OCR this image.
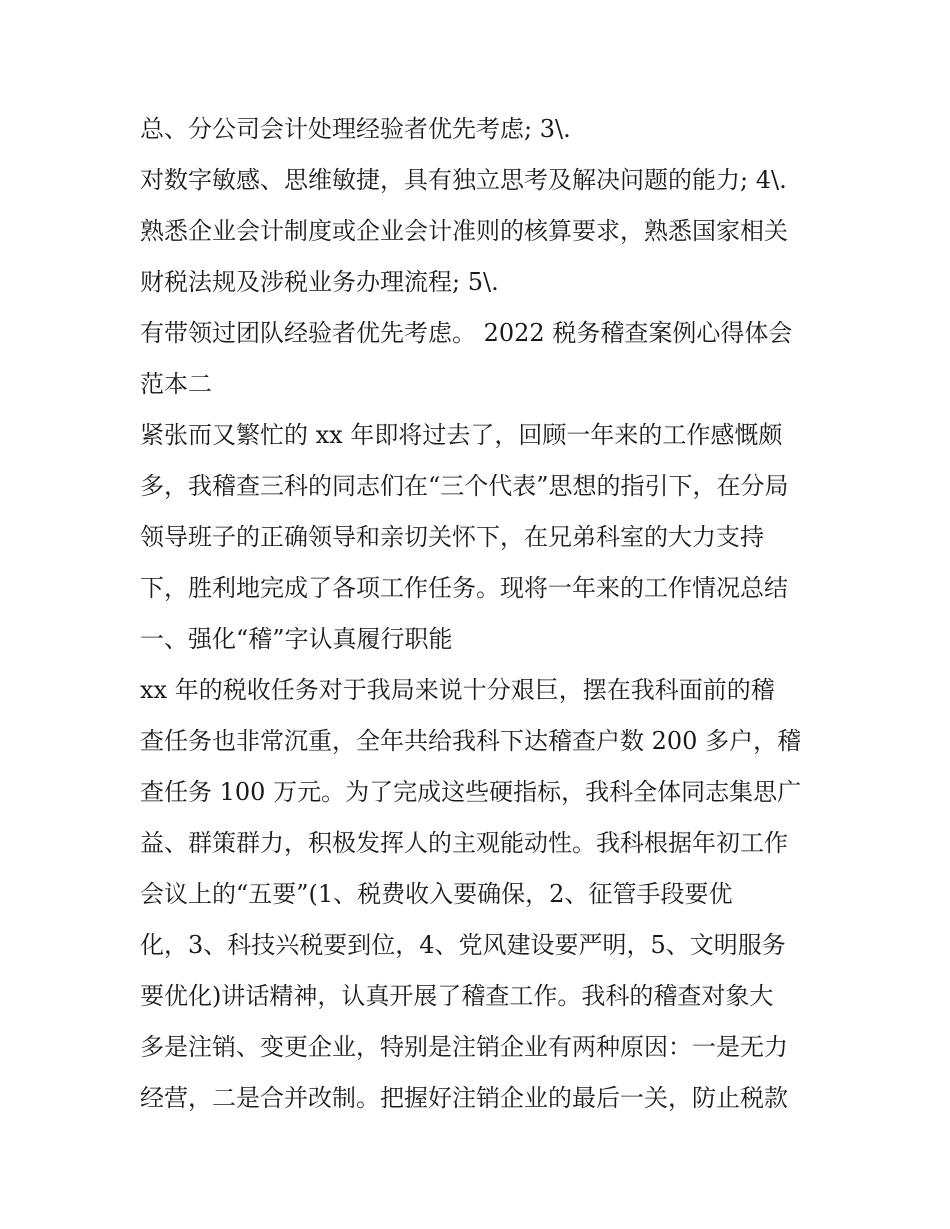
总、分公司会计处理经验者优先考虑; 3\.
对数字敏感、思维敏捷，具有独立思考及解决问题的能力; 4\.
熟悉企业会计制度或企业会计准则的核算要求，熟悉国家相关
财税法规及涉税业务办理流程; 5\.
有带领过团队经验者优先考虑。 2022 税务稽查案例心得体会
范本二
紧张而又繁忙的 xx 年即将过去了，回顾一年来的工作感慨颇
多，我稽查三科的同志们在“三个代表”思想的指引下，在分局
领导班子的正确领导和亲切关怀下，在兄弟科室的大力支持
下，胜利地完成了各项工作任务。现将一年来的工作情况总结
一、强化“稽”字认真履行职能
xx 年的税收任务对于我局来说十分艰巨，摆在我科面前的稽
查任务也非常沉重，全年共给我科下达稽查户数 200 多户，稽
查任务 100 万元。为了完成这些硬指标，我科全体同志集思广
益、群策群力，积极发挥人的主观能动性。我科根据年初工作
会议上的“五要”(1、税费收入要确保，2、征管手段要优
化，3、科技兴税要到位，4、党风建设要严明，5、文明服务
要优化)讲话精神，认真开展了稽查工作。我科的稽查对象大
多是注销、变更企业，特别是注销企业有两种原因：一是无力
经营，二是合并改制。把握好注销企业的最后一关，防止税款
